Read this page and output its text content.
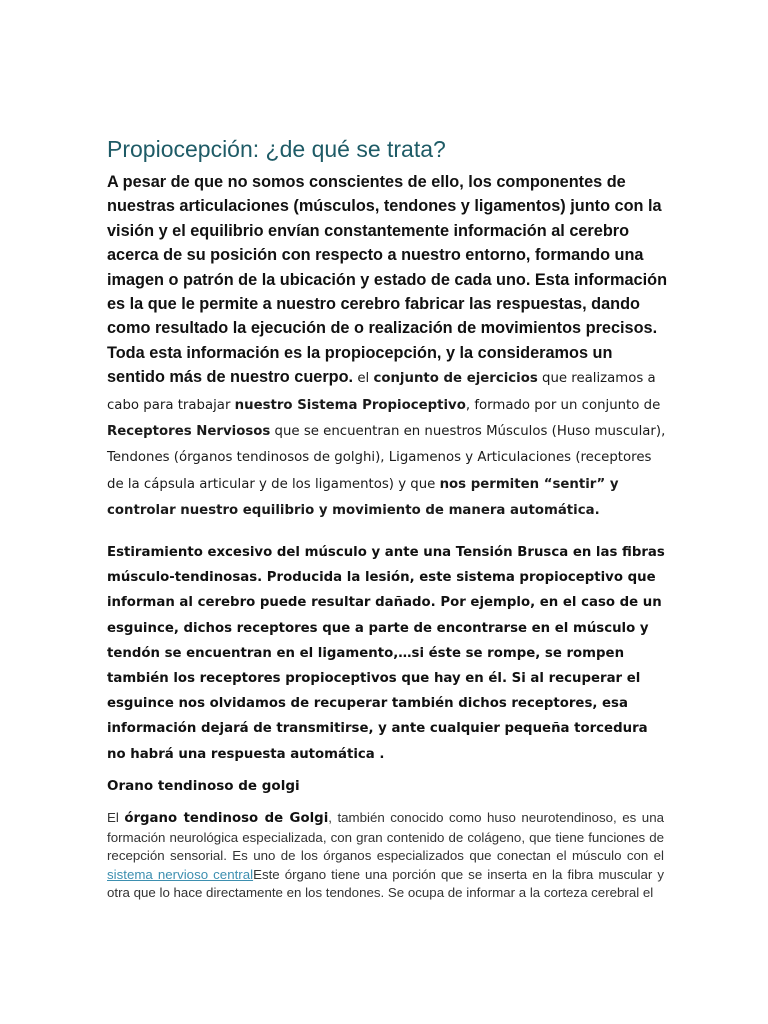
Propiocepción: ¿de qué se trata?

A pesar de que no somos conscientes de ello, los componentes de nuestras articulaciones (músculos, tendones y ligamentos) junto con la visión y el equilibrio envían constantemente información al cerebro acerca de su posición con respecto a nuestro entorno, formando una imagen o patrón de la ubicación y estado de cada uno. Esta información es la que le permite a nuestro cerebro fabricar las respuestas, dando como resultado la ejecución de o realización de movimientos precisos. Toda esta información es la propiocepción, y la consideramos un sentido más de nuestro cuerpo. el conjunto de ejercicios que realizamos a cabo para trabajar nuestro Sistema Propioceptivo, formado por un conjunto de Receptores Nerviosos que se encuentran en nuestros Músculos (Huso muscular), Tendones (órganos tendinosos de golghi), Ligamenos y Articulaciones (receptores de la cápsula articular y de los ligamentos) y que nos permiten “sentir” y controlar nuestro equilibrio y movimiento de manera automática.

Estiramiento excesivo del músculo y ante una Tensión Brusca en las fibras músculo-tendinosas. Producida la lesión, este sistema propioceptivo que informan al cerebro puede resultar dañado. Por ejemplo, en el caso de un esguince, dichos receptores que a parte de encontrarse en el músculo y tendón se encuentran en el ligamento,…si éste se rompe, se rompen también los receptores propioceptivos que hay en él. Si al recuperar el esguince nos olvidamos de recuperar también dichos receptores, esa información dejará de transmitirse, y ante cualquier pequeña torcedura no habrá una respuesta automática .

Orano tendinoso de golgi

El órgano tendinoso de Golgi, también conocido como huso neurotendinoso, es una formación neurológica especializada, con gran contenido de colágeno, que tiene funciones de recepción sensorial. Es uno de los órganos especializados que conectan el músculo con el sistema nervioso centralEste órgano tiene una porción que se inserta en la fibra muscular y otra que lo hace directamente en los tendones. Se ocupa de informar a la corteza cerebral el
